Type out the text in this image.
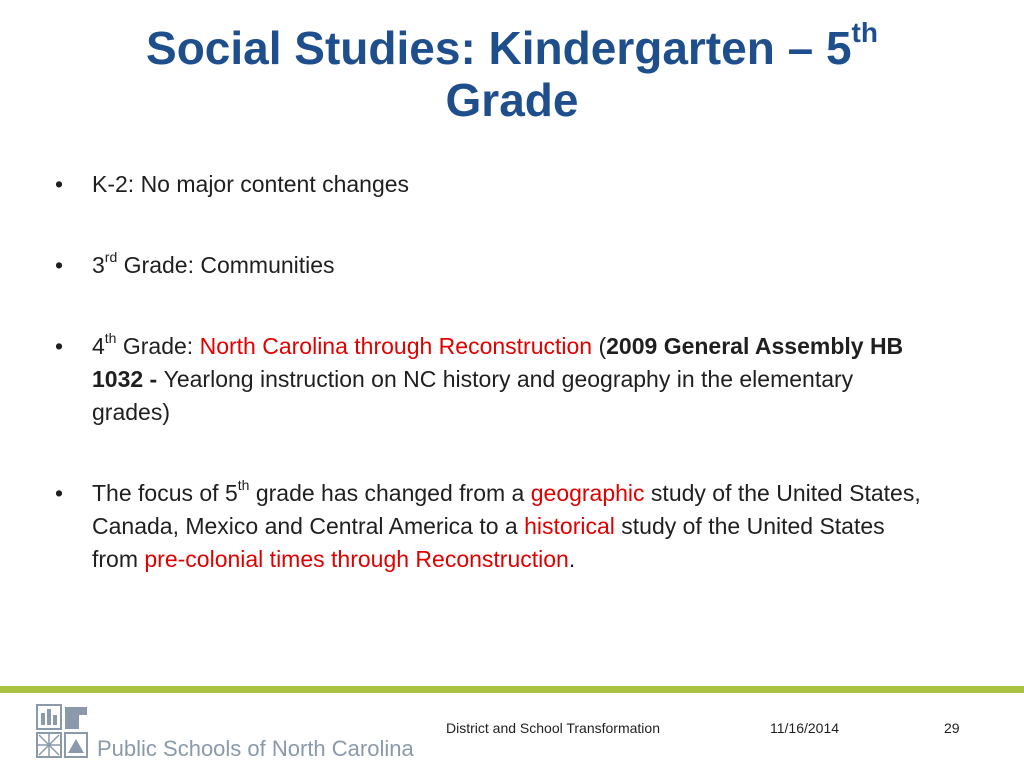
Social Studies: Kindergarten – 5th
Grade
•	K-2: No major content changes
•	3rd Grade: Communities
•	4th Grade: North Carolina through Reconstruction (2009 General Assembly HB 1032 - Yearlong instruction on NC history and geography in the elementary grades)
•	The focus of 5th grade has changed from a geographic study of the United States, Canada, Mexico and Central America to a historical study of the United States from pre-colonial times through Reconstruction.
Public Schools of North Carolina
District and School Transformation	11/16/2014	29
